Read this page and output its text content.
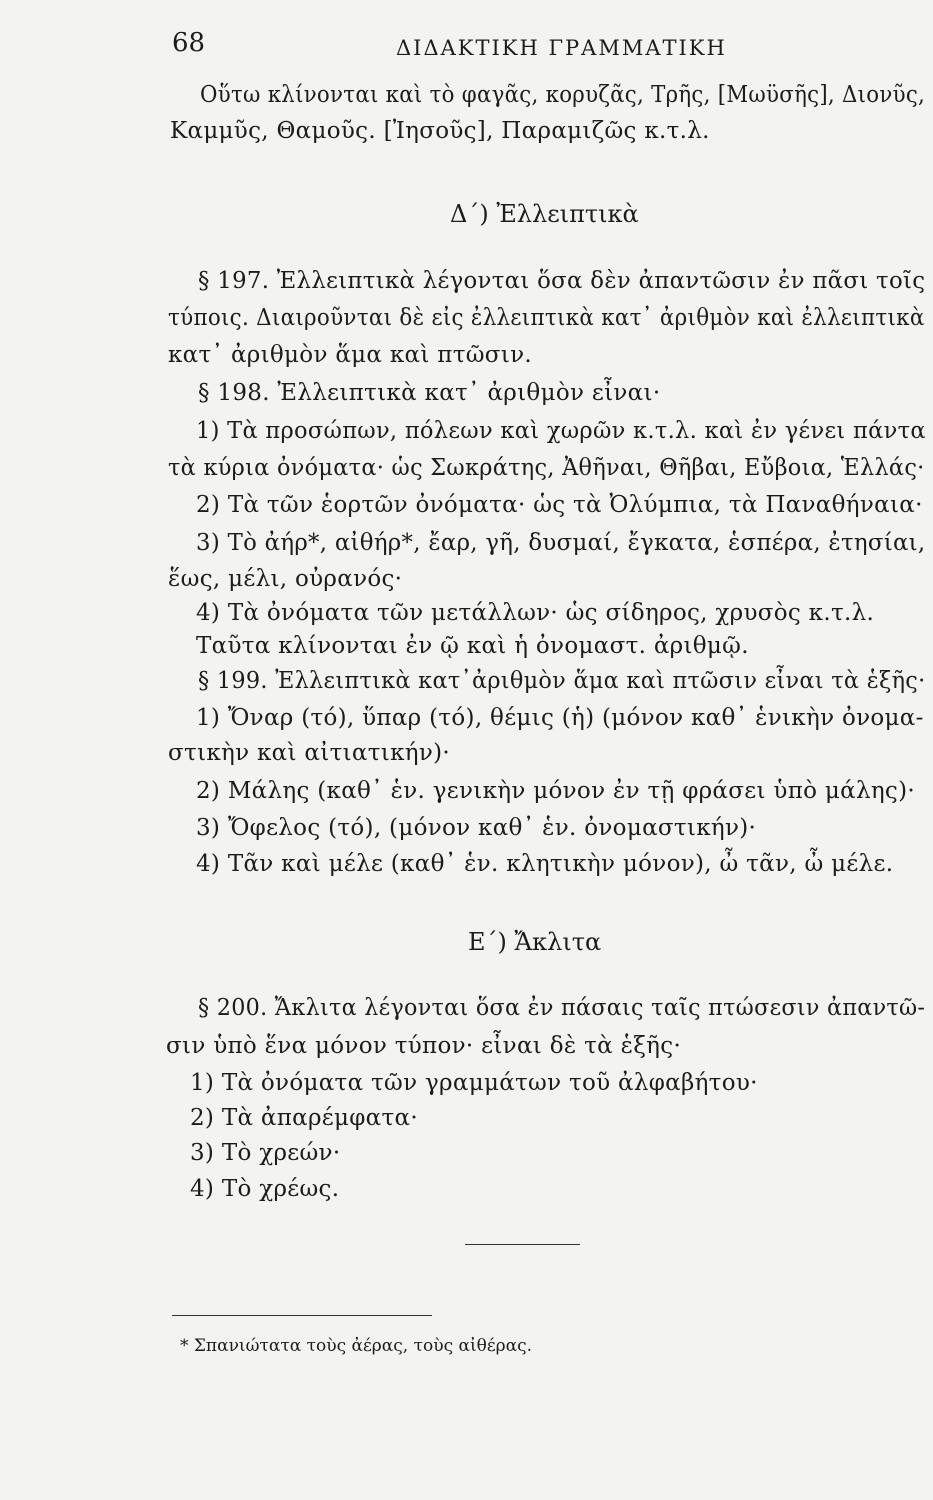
68	ΔΙΔΑΚΤΙΚΗ ΓΡΑΜΜΑΤΙΚΗ
Οὕτω κλίνονται καὶ τὸ φαγᾶς, κορυζᾶς, Τρῆς, [Μωϋσῆς], Διονῦς,
Καμμῦς, Θαμοῦς. [Ἰησοῦς], Παραμιζῶς κ.τ.λ.
Δ΄) Ἐλλειπτικὰ
§ 197. Ἐλλειπτικὰ λέγονται ὅσα δὲν ἀπαντῶσιν ἐν πᾶσι τοῖς
τύποις. Διαιροῦνται δὲ εἰς ἐλλειπτικὰ κατ᾿ ἀριθμὸν καὶ ἐλλειπτικὰ
κατ᾿ ἀριθμὸν ἅμα καὶ πτῶσιν.
§ 198. Ἐλλειπτικὰ κατ᾿ ἀριθμὸν εἶναι·
1) Τὰ προσώπων, πόλεων καὶ χωρῶν κ.τ.λ. καὶ ἐν γένει πάντα
τὰ κύρια ὀνόματα· ὡς Σωκράτης, Ἀθῆναι, Θῆβαι, Εὔβοια, Ἑλλάς·
2) Τὰ τῶν ἑορτῶν ὀνόματα· ὡς τὰ Ὀλύμπια, τὰ Παναθήναια·
3) Τὸ ἀήρ*, αἰθήρ*, ἔαρ, γῆ, δυσμαί, ἔγκατα, ἑσπέρα, ἐτησίαι,
ἕως, μέλι, οὐρανός·
4) Τὰ ὀνόματα τῶν μετάλλων· ὡς σίδηρος, χρυσὸς κ.τ.λ.
Ταῦτα κλίνονται ἐν ῷ καὶ ἡ ὀνομαστ. ἀριθμῷ.
§ 199. Ἐλλειπτικὰ κατ᾿ἀριθμὸν ἅμα καὶ πτῶσιν εἶναι τὰ ἑξῆς·
1) Ὄναρ (τό), ὕπαρ (τό), θέμις (ἡ) (μόνον καθ᾿ ἑνικὴν ὀνομα-
στικὴν καὶ αἰτιατικήν)·
2) Μάλης (καθ᾿ ἑν. γενικὴν μόνον ἐν τῇ φράσει ὑπὸ μάλης)·
3) Ὄφελος (τό), (μόνον καθ᾿ ἑν. ὀνομαστικήν)·
4) Τᾶν καὶ μέλε (καθ᾿ ἑν. κλητικὴν μόνον), ὦ τᾶν, ὦ μέλε.
Ε΄) Ἄκλιτα
§ 200. Ἄκλιτα λέγονται ὅσα ἐν πάσαις ταῖς πτώσεσιν ἀπαντῶ-
σιν ὑπὸ ἕνα μόνον τύπον· εἶναι δὲ τὰ ἑξῆς·
1) Τὰ ὀνόματα τῶν γραμμάτων τοῦ ἀλφαβήτου·
2) Τὰ ἀπαρέμφατα·
3) Τὸ χρεών·
4) Τὸ χρέως.
* Σπανιώτατα τοὺς ἀέρας, τοὺς αἰθέρας.
